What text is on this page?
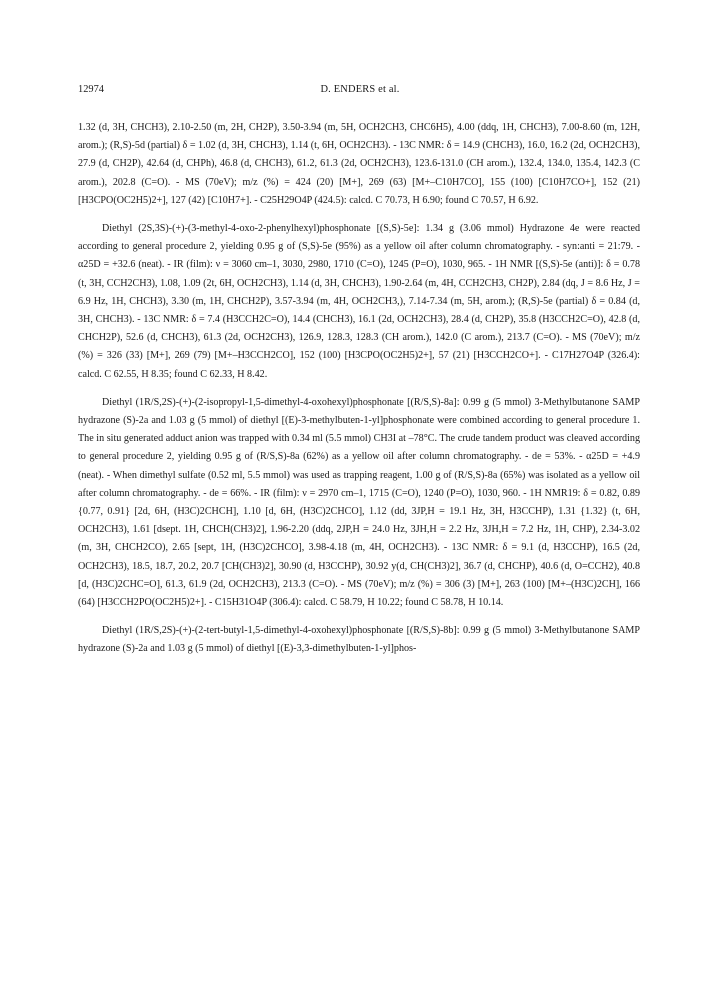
12974	D. ENDERS et al.

1.32 (d, 3H, CHCH3), 2.10-2.50 (m, 2H, CH2P), 3.50-3.94 (m, 5H, OCH2CH3, CHC6H5), 4.00 (ddq, 1H, CHCH3), 7.00-8.60 (m, 12H, arom.); (R,S)-5d (partial) δ = 1.02 (d, 3H, CHCH3), 1.14 (t, 6H, OCH2CH3). - 13C NMR: δ = 14.9 (CHCH3), 16.0, 16.2 (2d, OCH2CH3), 27.9 (d, CH2P), 42.64 (d, CHPh), 46.8 (d, CHCH3), 61.2, 61.3 (2d, OCH2CH3), 123.6-131.0 (CH arom.), 132.4, 134.0, 135.4, 142.3 (C arom.), 202.8 (C=O). - MS (70eV); m/z (%) = 424 (20) [M+], 269 (63) [M+–C10H7CO], 155 (100) [C10H7CO+], 152 (21) [H3CPO(OC2H5)2+], 127 (42) [C10H7+]. - C25H29O4P (424.5): calcd. C 70.73, H 6.90; found C 70.57, H 6.92.

Diethyl (2S,3S)-(+)-(3-methyl-4-oxo-2-phenylhexyl)phosphonate [(S,S)-5e]: 1.34 g (3.06 mmol) Hydrazone 4e were reacted according to general procedure 2, yielding 0.95 g of (S,S)-5e (95%) as a yellow oil after column chromatography. - syn:anti = 21:79. - α25D = +32.6 (neat). - IR (film): ν = 3060 cm–1, 3030, 2980, 1710 (C=O), 1245 (P=O), 1030, 965. - 1H NMR [(S,S)-5e (anti)]: δ = 0.78 (t, 3H, CCH2CH3), 1.08, 1.09 (2t, 6H, OCH2CH3), 1.14 (d, 3H, CHCH3), 1.90-2.64 (m, 4H, CCH2CH3, CH2P), 2.84 (dq, J = 8.6 Hz, J = 6.9 Hz, 1H, CHCH3), 3.30 (m, 1H, CHCH2P), 3.57-3.94 (m, 4H, OCH2CH3,), 7.14-7.34 (m, 5H, arom.); (R,S)-5e (partial) δ = 0.84 (d, 3H, CHCH3). - 13C NMR: δ = 7.4 (H3CCH2C=O), 14.4 (CHCH3), 16.1 (2d, OCH2CH3), 28.4 (d, CH2P), 35.8 (H3CCH2C=O), 42.8 (d, CHCH2P), 52.6 (d, CHCH3), 61.3 (2d, OCH2CH3), 126.9, 128.3, 128.3 (CH arom.), 142.0 (C arom.), 213.7 (C=O). - MS (70eV); m/z (%) = 326 (33) [M+], 269 (79) [M+–H3CCH2CO], 152 (100) [H3CPO(OC2H5)2+], 57 (21) [H3CCH2CO+]. - C17H27O4P (326.4): calcd. C 62.55, H 8.35; found C 62.33, H 8.42.

Diethyl (1R/S,2S)-(+)-(2-isopropyl-1,5-dimethyl-4-oxohexyl)phosphonate [(R/S,S)-8a]: 0.99 g (5 mmol) 3-Methylbutanone SAMP hydrazone (S)-2a and 1.03 g (5 mmol) of diethyl [(E)-3-methylbuten-1-yl]phosphonate were combined according to general procedure 1. The in situ generated adduct anion was trapped with 0.34 ml (5.5 mmol) CH3I at –78°C. The crude tandem product was cleaved according to general procedure 2, yielding 0.95 g of (R/S,S)-8a (62%) as a yellow oil after column chromatography. - de = 53%. - α25D = +4.9 (neat). - When dimethyl sulfate (0.52 ml, 5.5 mmol) was used as trapping reagent, 1.00 g of (R/S,S)-8a (65%) was isolated as a yellow oil after column chromatography. - de = 66%. - IR (film): ν = 2970 cm–1, 1715 (C=O), 1240 (P=O), 1030, 960. - 1H NMR19: δ = 0.82, 0.89 {0.77, 0.91} [2d, 6H, (H3C)2CHCH], 1.10 [d, 6H, (H3C)2CHCO], 1.12 (dd, 3JP,H = 19.1 Hz, 3H, H3CCHP), 1.31 {1.32} (t, 6H, OCH2CH3), 1.61 [dsept. 1H, CHCH(CH3)2], 1.96-2.20 (ddq, 2JP,H = 24.0 Hz, 3JH,H = 2.2 Hz, 3JH,H = 7.2 Hz, 1H, CHP), 2.34-3.02 (m, 3H, CHCH2CO), 2.65 [sept, 1H, (H3C)2CHCO], 3.98-4.18 (m, 4H, OCH2CH3). - 13C NMR: δ = 9.1 (d, H3CCHP), 16.5 (2d, OCH2CH3), 18.5, 18.7, 20.2, 20.7 [CH(CH3)2], 30.90 (d, H3CCHP), 30.92 y(d, CH(CH3)2], 36.7 (d, CHCHP), 40.6 (d, O=CCH2), 40.8 [d, (H3C)2CHC=O], 61.3, 61.9 (2d, OCH2CH3), 213.3 (C=O). - MS (70eV); m/z (%) = 306 (3) [M+], 263 (100) [M+–(H3C)2CH], 166 (64) [H3CCH2PO(OC2H5)2+]. - C15H31O4P (306.4): calcd. C 58.79, H 10.22; found C 58.78, H 10.14.

Diethyl (1R/S,2S)-(+)-(2-tert-butyl-1,5-dimethyl-4-oxohexyl)phosphonate [(R/S,S)-8b]: 0.99 g (5 mmol) 3-Methylbutanone SAMP hydrazone (S)-2a and 1.03 g (5 mmol) of diethyl [(E)-3,3-dimethylbuten-1-yl]phos-
